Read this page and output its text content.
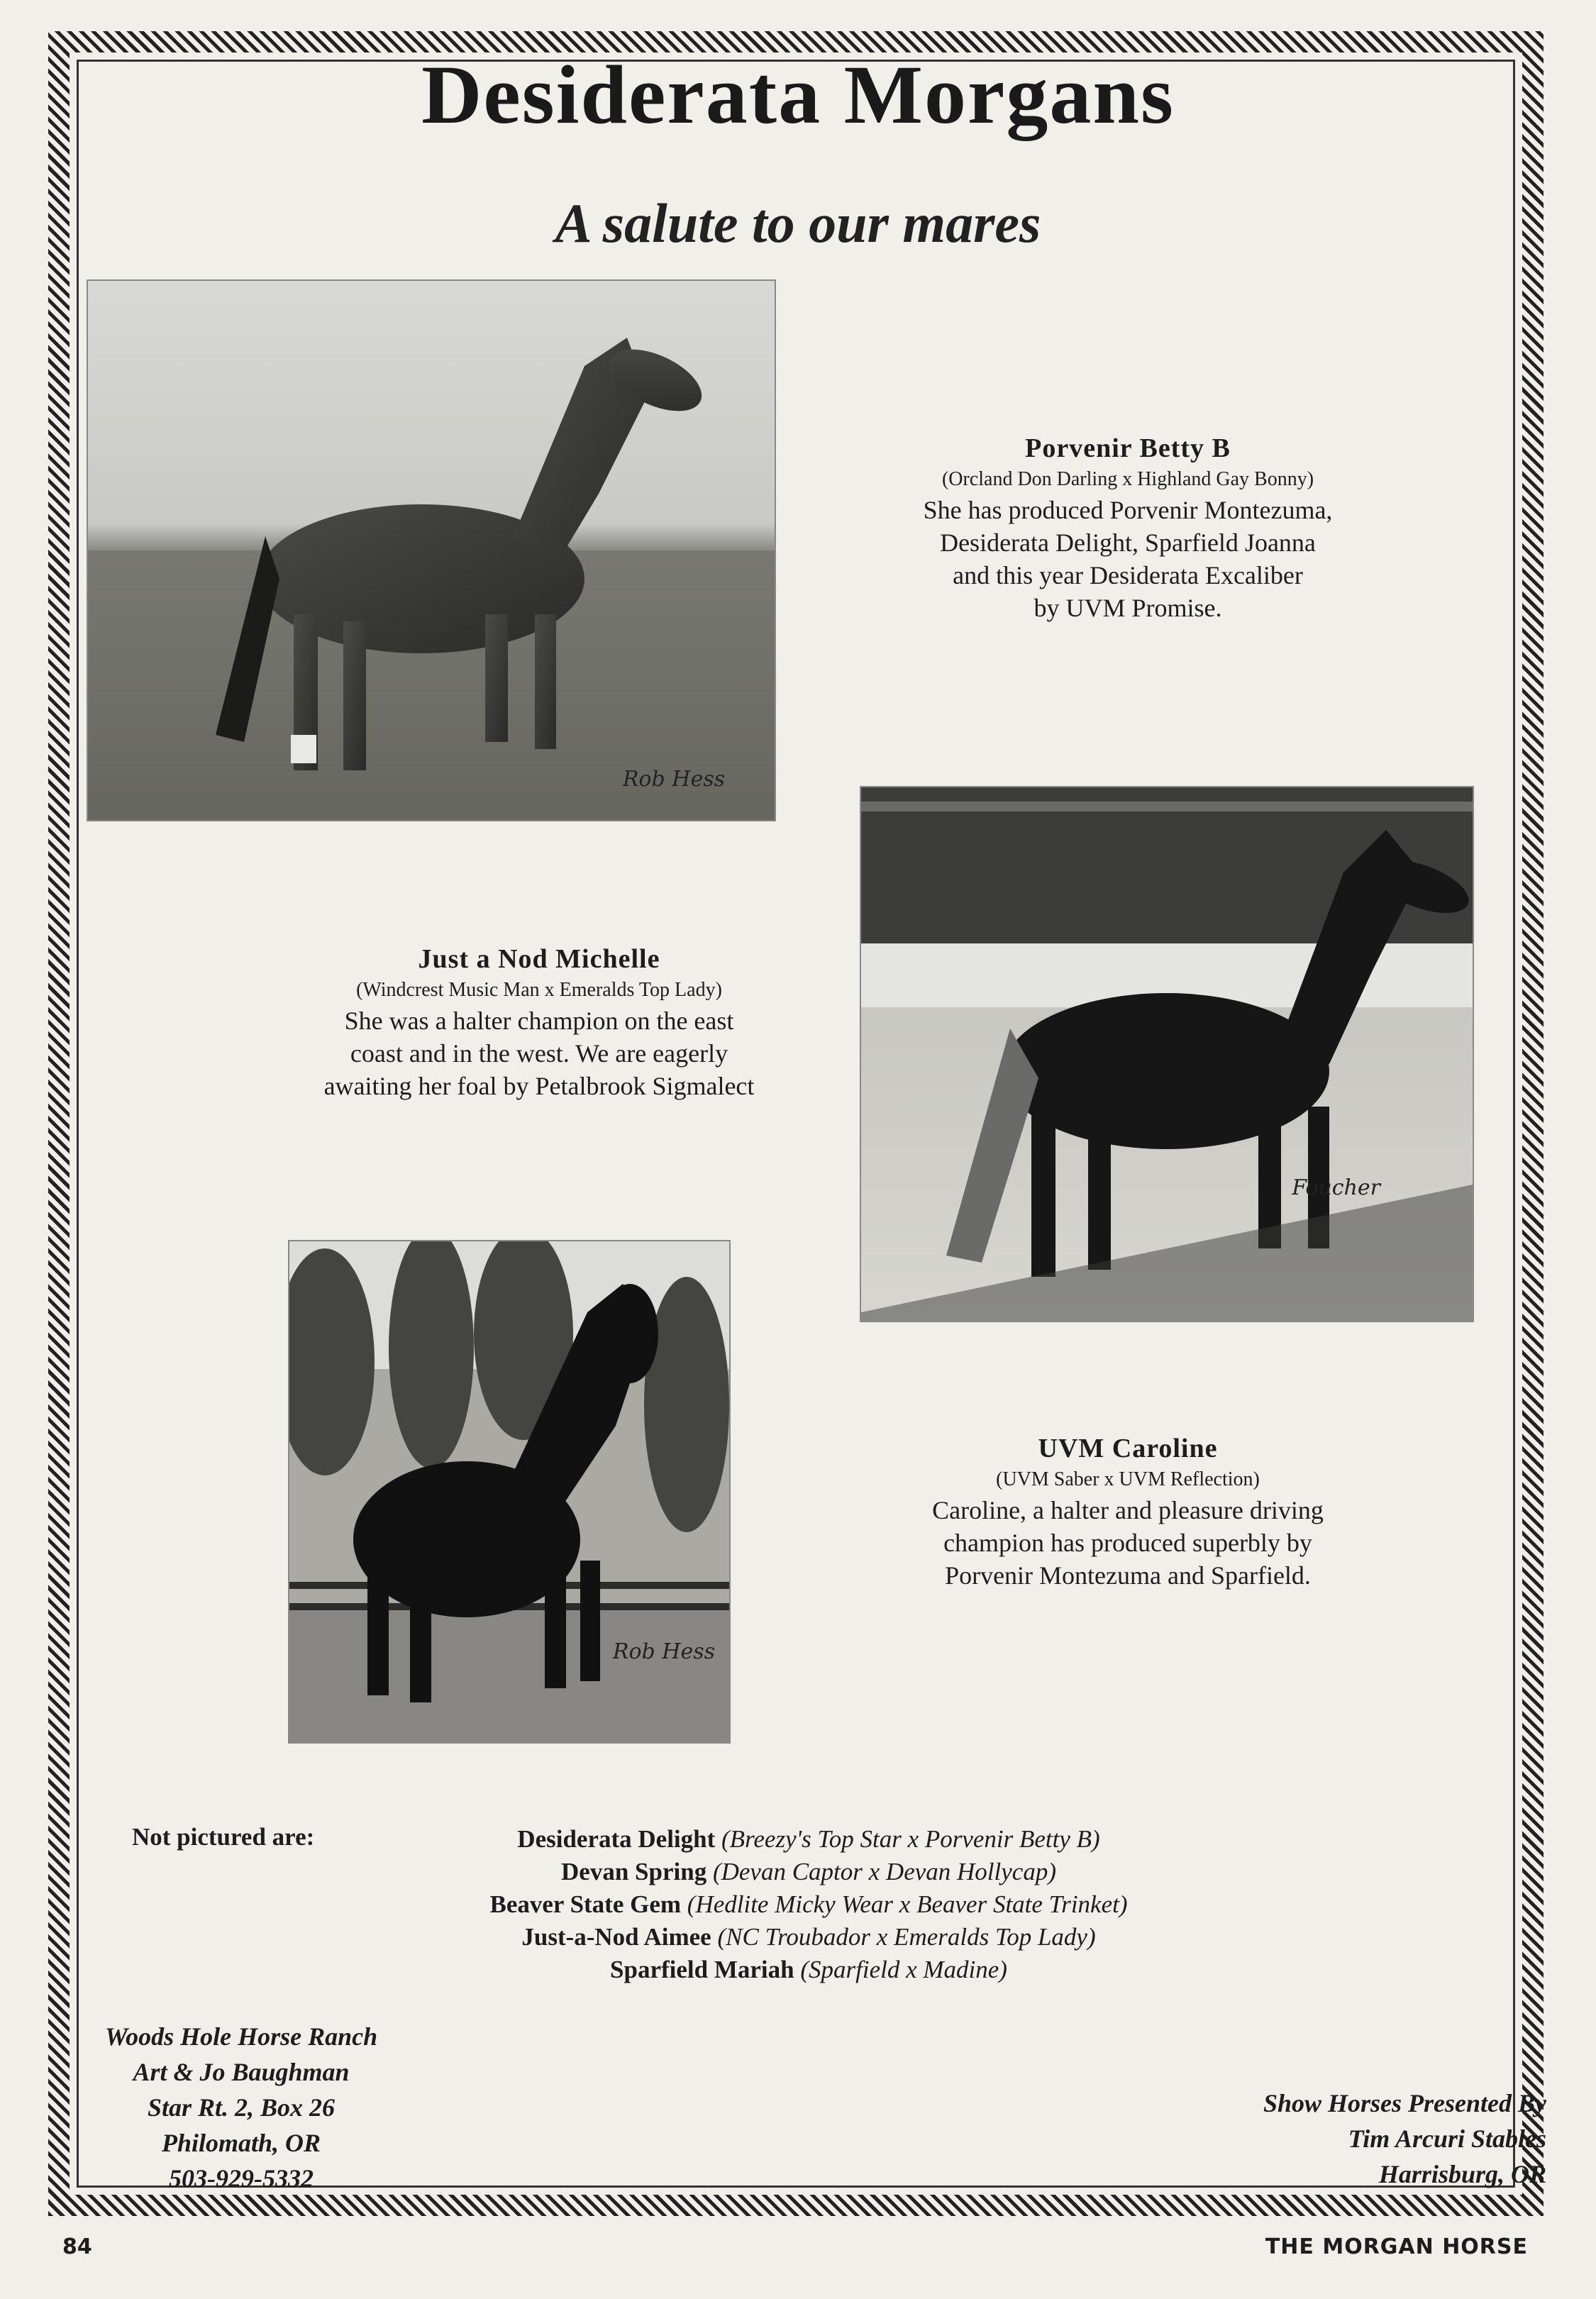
Desiderata Morgans
A salute to our mares
Rob Hess
Porvenir Betty B
(Orcland Don Darling x Highland Gay Bonny)
She has produced Porvenir Montezuma,
Desiderata Delight, Sparfield Joanna
and this year Desiderata Excaliber
by UVM Promise.
Foucher
Just a Nod Michelle
(Windcrest Music Man x Emeralds Top Lady)
She was a halter champion on the east
coast and in the west. We are eagerly
awaiting her foal by Petalbrook Sigmalect
Rob Hess
UVM Caroline
(UVM Saber x UVM Reflection)
Caroline, a halter and pleasure driving
champion has produced superbly by
Porvenir Montezuma and Sparfield.
Not pictured are:	Desiderata Delight (Breezy's Top Star x Porvenir Betty B)
Devan Spring (Devan Captor x Devan Hollycap)
Beaver State Gem (Hedlite Micky Wear x Beaver State Trinket)
Just-a-Nod Aimee (NC Troubador x Emeralds Top Lady)
Sparfield Mariah (Sparfield x Madine)
Woods Hole Horse Ranch
Art & Jo Baughman
Star Rt. 2, Box 26
Philomath, OR
503-929-5332
Show Horses Presented By
Tim Arcuri Stables
Harrisburg, OR
84	THE MORGAN HORSE
